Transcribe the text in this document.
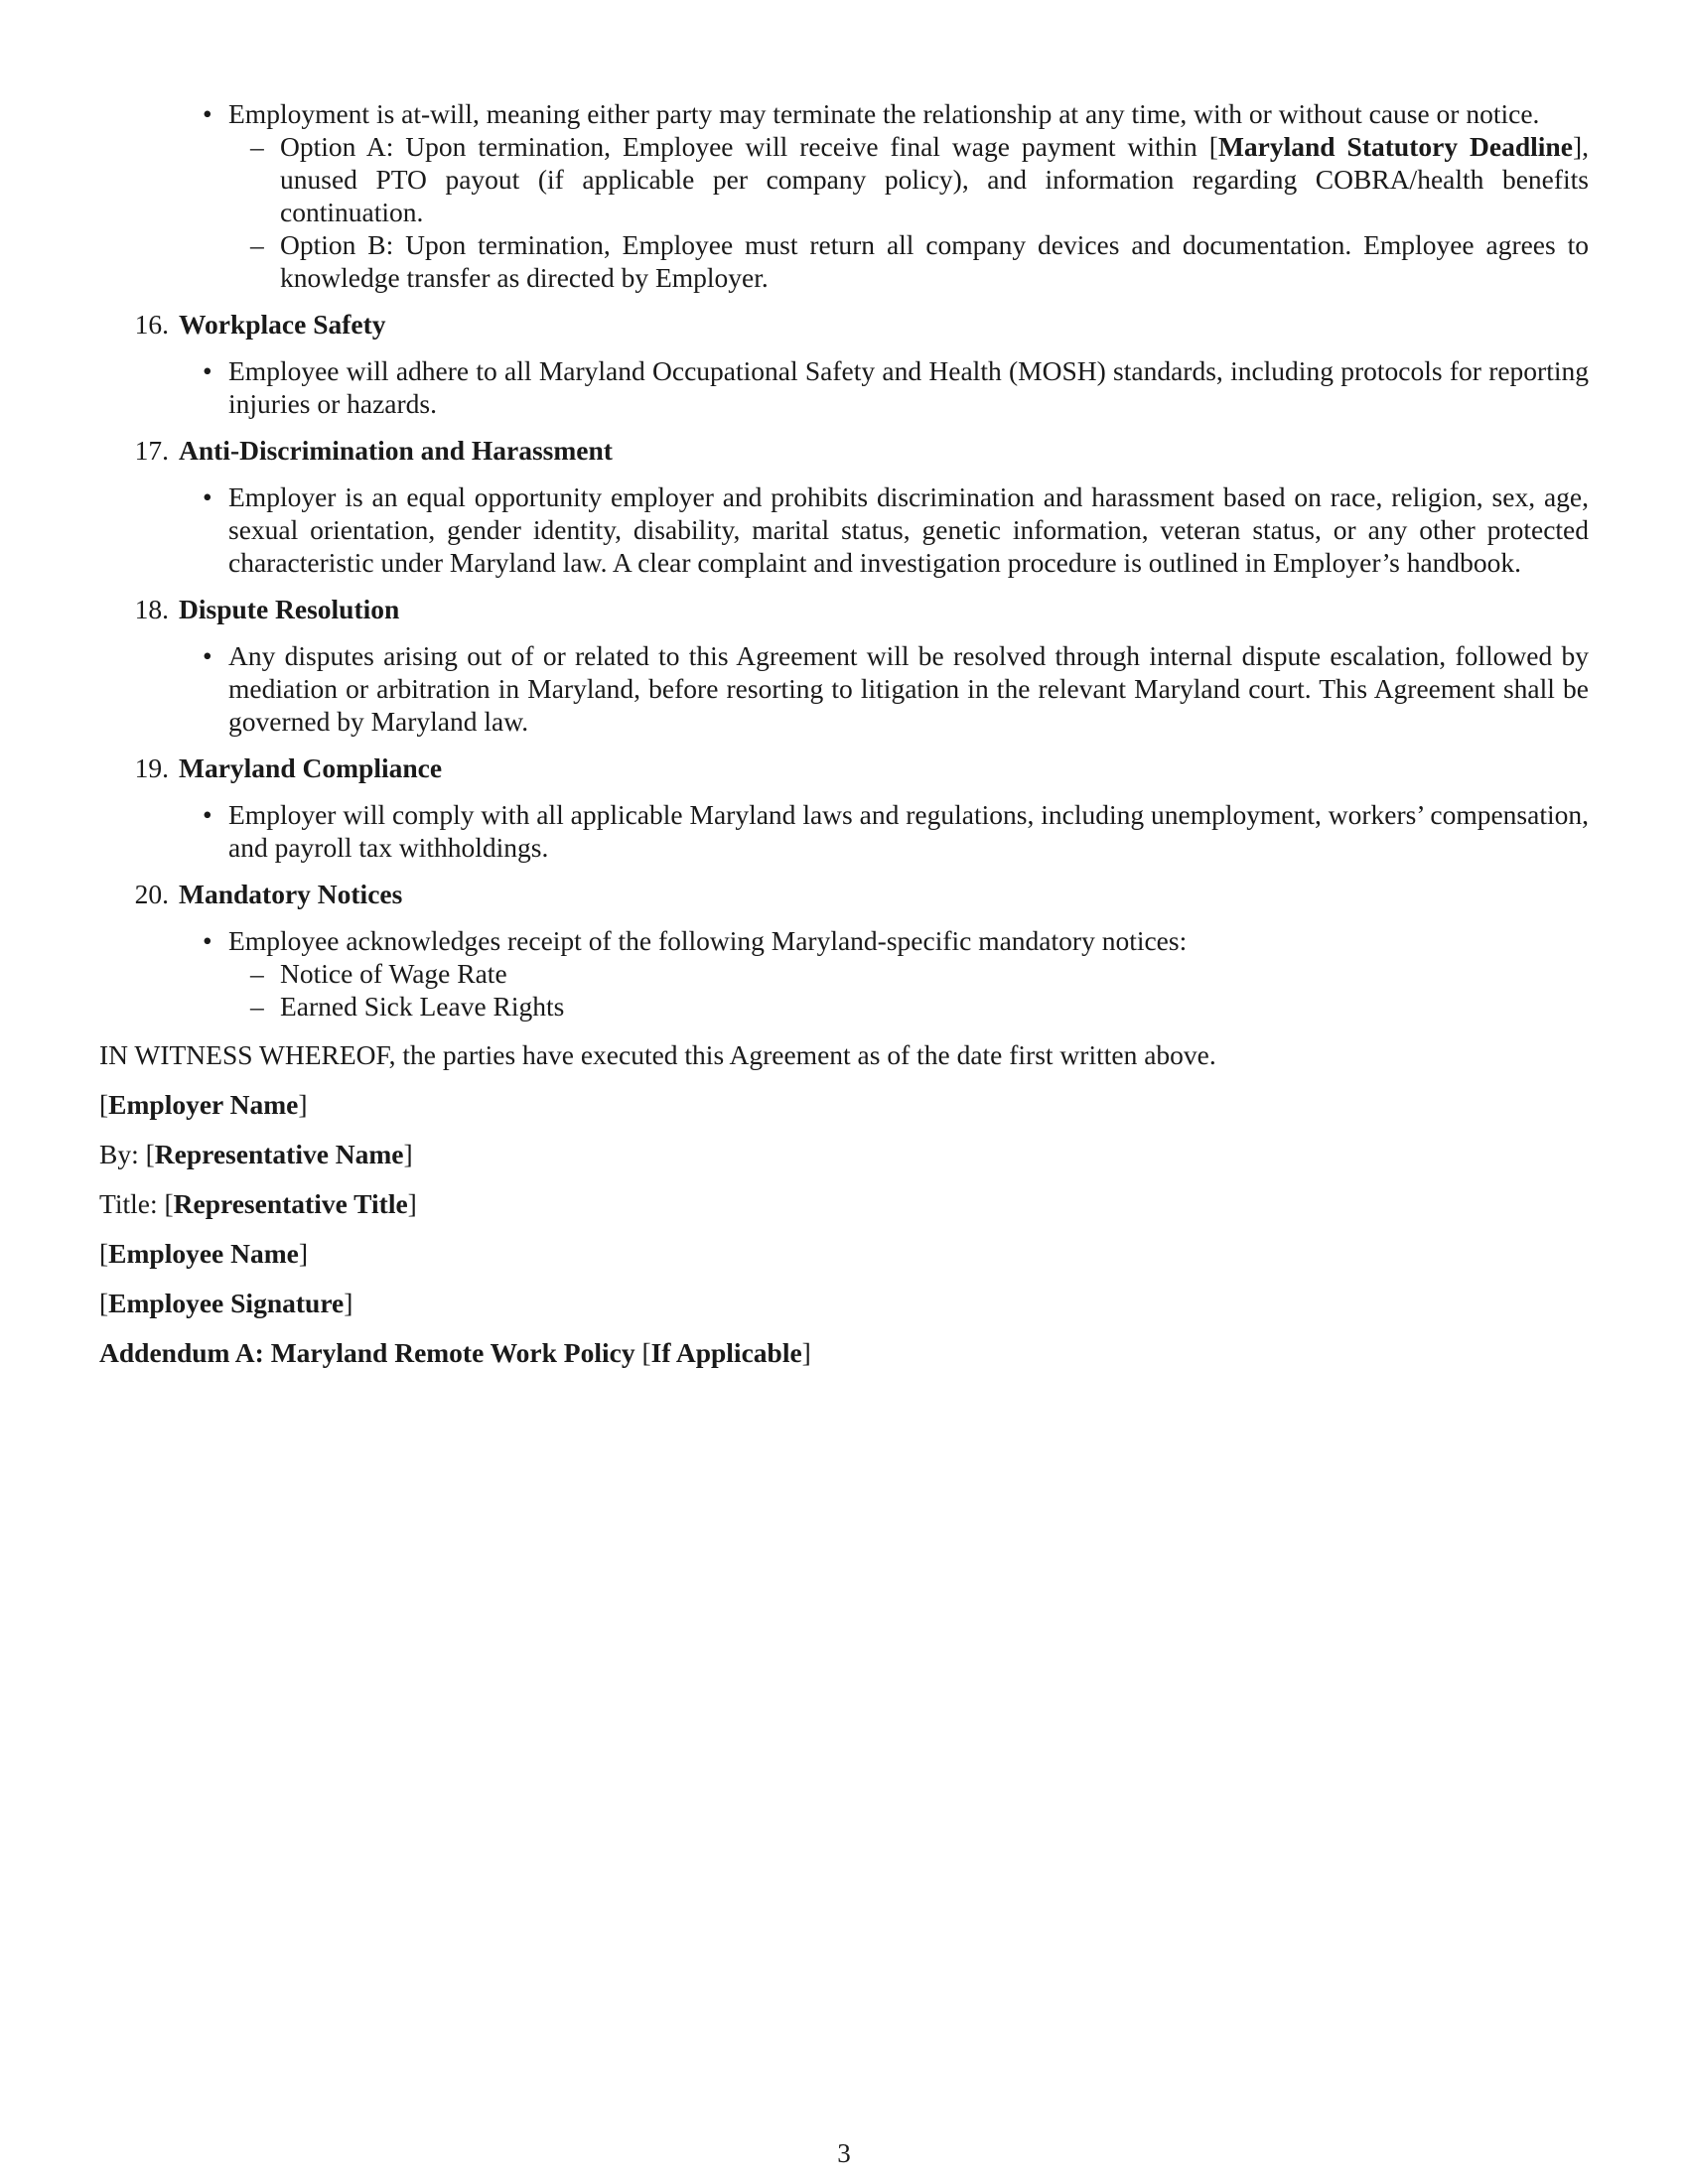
• Employment is at-will, meaning either party may terminate the relationship at any time, with or without cause or notice.
– Option A: Upon termination, Employee will receive final wage payment within [Maryland Statutory Deadline], unused PTO payout (if applicable per company policy), and information regarding COBRA/health benefits continuation.
– Option B: Upon termination, Employee must return all company devices and documentation. Employee agrees to knowledge transfer as directed by Employer.
16. Workplace Safety
• Employee will adhere to all Maryland Occupational Safety and Health (MOSH) standards, including protocols for reporting injuries or hazards.
17. Anti-Discrimination and Harassment
• Employer is an equal opportunity employer and prohibits discrimination and harassment based on race, religion, sex, age, sexual orientation, gender identity, disability, marital status, genetic information, veteran status, or any other protected characteristic under Maryland law. A clear complaint and investigation procedure is outlined in Employer’s handbook.
18. Dispute Resolution
• Any disputes arising out of or related to this Agreement will be resolved through internal dispute escalation, followed by mediation or arbitration in Maryland, before resorting to litigation in the relevant Maryland court. This Agreement shall be governed by Maryland law.
19. Maryland Compliance
• Employer will comply with all applicable Maryland laws and regulations, including unemployment, workers’ compensation, and payroll tax withholdings.
20. Mandatory Notices
• Employee acknowledges receipt of the following Maryland-specific mandatory notices:
– Notice of Wage Rate
– Earned Sick Leave Rights
IN WITNESS WHEREOF, the parties have executed this Agreement as of the date first written above.
[Employer Name]
By: [Representative Name]
Title: [Representative Title]
[Employee Name]
[Employee Signature]
Addendum A: Maryland Remote Work Policy [If Applicable]
3
